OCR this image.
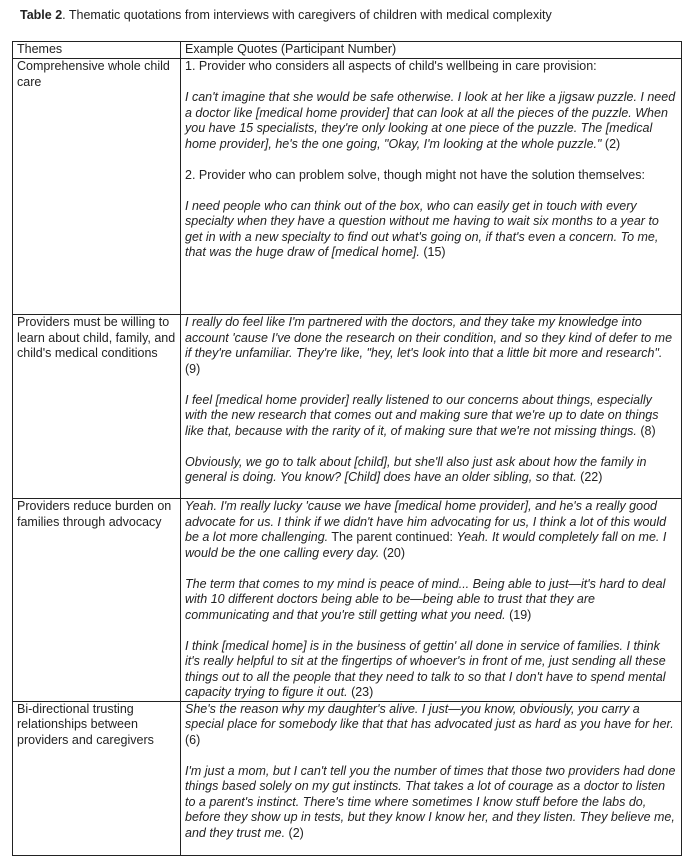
Table 2. Thematic quotations from interviews with caregivers of children with medical complexity
Themes	Example Quotes (Participant Number)
Comprehensive whole child care	1. Provider who considers all aspects of child's wellbeing in care provision:

I can't imagine that she would be safe otherwise. I look at her like a jigsaw puzzle. I need a doctor like [medical home provider] that can look at all the pieces of the puzzle. When you have 15 specialists, they're only looking at one piece of the puzzle. The [medical home provider], he's the one going, "Okay, I'm looking at the whole puzzle." (2)

2. Provider who can problem solve, though might not have the solution themselves:

I need people who can think out of the box, who can easily get in touch with every specialty when they have a question without me having to wait six months to a year to get in with a new specialty to find out what's going on, if that's even a concern. To me, that was the huge draw of [medical home]. (15)

Providers must be willing to learn about child, family, and child's medical conditions	I really do feel like I'm partnered with the doctors, and they take my knowledge into account 'cause I've done the research on their condition, and so they kind of defer to me if they're unfamiliar. They're like, "hey, let's look into that a little bit more and research". (9)

I feel [medical home provider] really listened to our concerns about things, especially with the new research that comes out and making sure that we're up to date on things like that, because with the rarity of it, of making sure that we're not missing things. (8)

Obviously, we go to talk about [child], but she'll also just ask about how the family in general is doing. You know? [Child] does have an older sibling, so that. (22)

Providers reduce burden on families through advocacy	Yeah. I'm really lucky 'cause we have [medical home provider], and he's a really good advocate for us. I think if we didn't have him advocating for us, I think a lot of this would be a lot more challenging. The parent continued: Yeah. It would completely fall on me. I would be the one calling every day. (20)

The term that comes to my mind is peace of mind... Being able to just—it's hard to deal with 10 different doctors being able to be—being able to trust that they are communicating and that you're still getting what you need. (19)

I think [medical home] is in the business of gettin' all done in service of families. I think it's really helpful to sit at the fingertips of whoever's in front of me, just sending all these things out to all the people that they need to talk to so that I don't have to spend mental capacity trying to figure it out. (23)

Bi-directional trusting relationships between providers and caregivers	She's the reason why my daughter's alive. I just—you know, obviously, you carry a special place for somebody like that that has advocated just as hard as you have for her. (6)

I'm just a mom, but I can't tell you the number of times that those two providers had done things based solely on my gut instincts. That takes a lot of courage as a doctor to listen to a parent's instinct. There's time where sometimes I know stuff before the labs do, before they show up in tests, but they know I know her, and they listen. They believe me, and they trust me. (2)
